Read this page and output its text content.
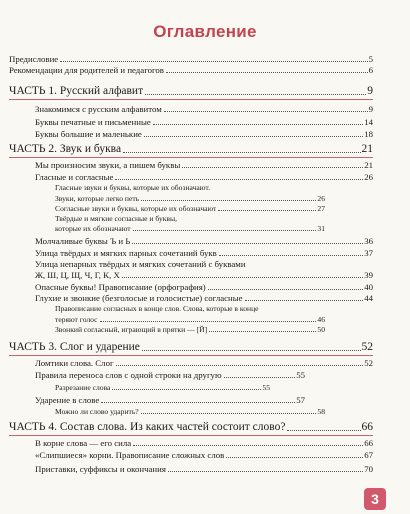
Оглавление
Предисловие	5
Рекомендации для родителей и педагогов	6
ЧАСТЬ 1. Русский алфавит	9
Знакомимся с русским алфавитом	9
Буквы печатные и письменные	14
Буквы большие и маленькие	18
ЧАСТЬ 2. Звук и буква	21
Мы произносим звуки, а пишем буквы	21
Гласные и согласные	26
Гласные звуки и буквы, которые их обозначают.
Звуки, которые легко петь	26
Согласные звуки и буквы, которые их обозначают	27
Твёрдые и мягкие согласные и буквы,
которые их обозначают	31
Молчаливые буквы Ъ и Ь	36
Улица твёрдых и мягких парных сочетаний букв	37
Улица непарных твёрдых и мягких сочетаний с буквами
Ж, Ш, Ц, Щ, Ч, Г, К, Х	39
Опасные буквы! Правописание (орфография)	40
Глухие и звонкие (безголосые и голосистые) согласные	44
Правописание согласных в конце слов. Слова, которые в конце
теряют голос	46
Звонкий согласный, играющий в прятки — [Й]	50
ЧАСТЬ 3. Слог и ударение	52
Ломтики слова. Слог	52
Правила переноса слов с одной строки на другую	55
Разрезание слова	55
Ударение в слове	57
Можно ли слово ударить?	58
ЧАСТЬ 4. Состав слова. Из каких частей состоит слово?	66
В корне слова — его сила	66
«Слипшиеся» корни. Правописание сложных слов	67
Приставки, суффиксы и окончания	70
3
